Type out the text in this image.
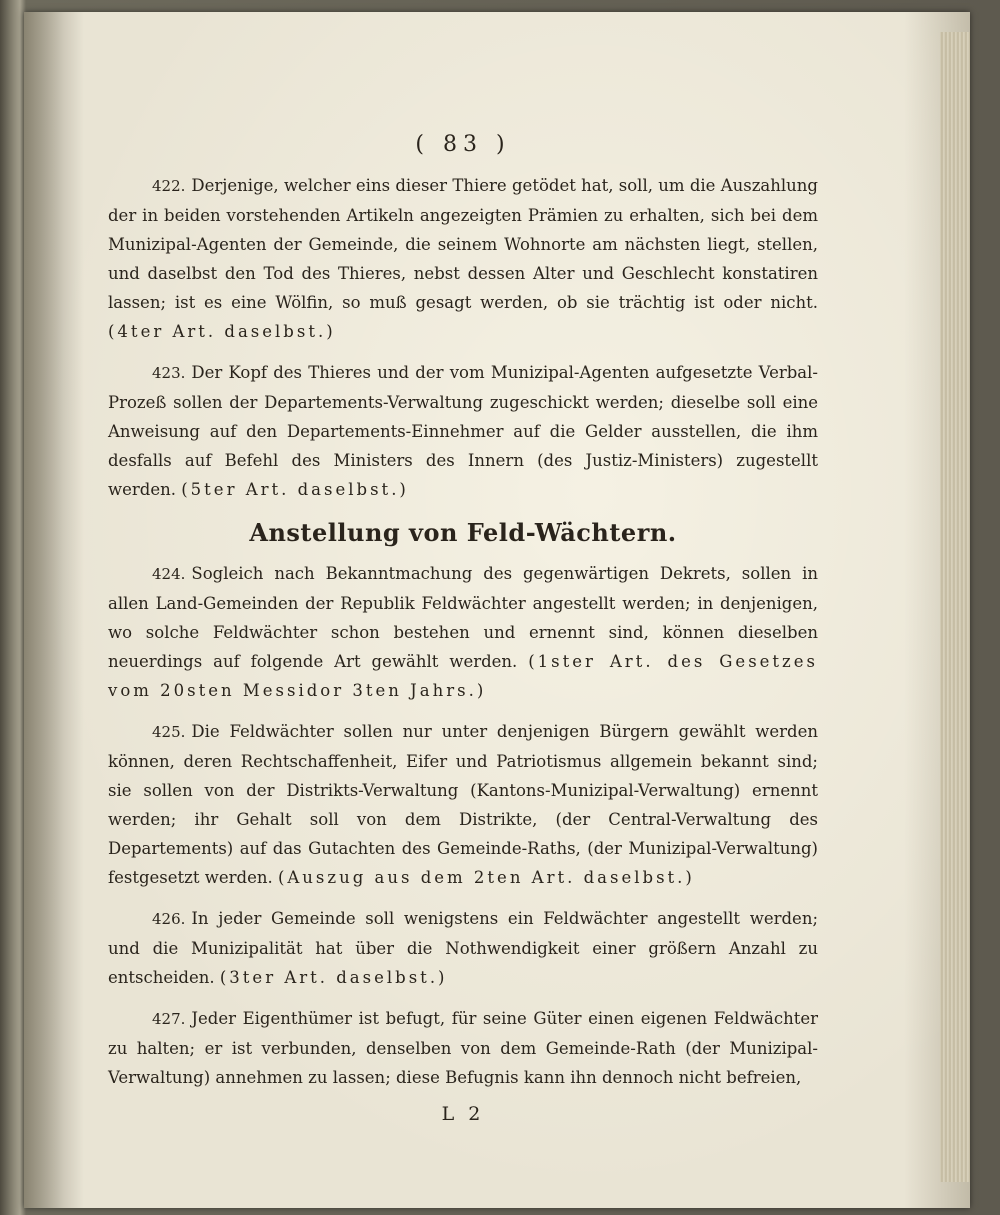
( 83 )

422. Derjenige, welcher eins dieser Thiere getödet hat, soll, um die Auszahlung der in beiden vorstehenden Artikeln angezeigten Prämien zu erhalten, sich bei dem Munizipal-Agenten der Gemeinde, die seinem Wohnorte am nächsten liegt, stellen, und daselbst den Tod des Thieres, nebst dessen Alter und Geschlecht konstatiren lassen; ist es eine Wölfin, so muß gesagt werden, ob sie trächtig ist oder nicht. (4ter Art. daselbst.)

423. Der Kopf des Thieres und der vom Munizipal-Agenten aufgesetzte Verbal-Prozeß sollen der Departements-Verwaltung zugeschickt werden; dieselbe soll eine Anweisung auf den Departements-Einnehmer auf die Gelder ausstellen, die ihm desfalls auf Befehl des Ministers des Innern (des Justiz-Ministers) zugestellt werden. (5ter Art. daselbst.)

Anstellung von Feld-Wächtern.

424. Sogleich nach Bekanntmachung des gegenwärtigen Dekrets, sollen in allen Land-Gemeinden der Republik Feldwächter angestellt werden; in denjenigen, wo solche Feldwächter schon bestehen und ernennt sind, können dieselben neuerdings auf folgende Art gewählt werden. (1ster Art. des Gesetzes vom 20sten Messidor 3ten Jahrs.)

425. Die Feldwächter sollen nur unter denjenigen Bürgern gewählt werden können, deren Rechtschaffenheit, Eifer und Patriotismus allgemein bekannt sind; sie sollen von der Distrikts-Verwaltung (Kantons-Munizipal-Verwaltung) ernennt werden; ihr Gehalt soll von dem Distrikte, (der Central-Verwaltung des Departements) auf das Gutachten des Gemeinde-Raths, (der Munizipal-Verwaltung) festgesetzt werden. (Auszug aus dem 2ten Art. daselbst.)

426. In jeder Gemeinde soll wenigstens ein Feldwächter angestellt werden; und die Munizipalität hat über die Nothwendigkeit einer größern Anzahl zu entscheiden. (3ter Art. daselbst.)

427. Jeder Eigenthümer ist befugt, für seine Güter einen eigenen Feldwächter zu halten; er ist verbunden, denselben von dem Gemeinde-Rath (der Munizipal-Verwaltung) annehmen zu lassen; diese Befugnis kann ihn dennoch nicht befreien,

L 2
